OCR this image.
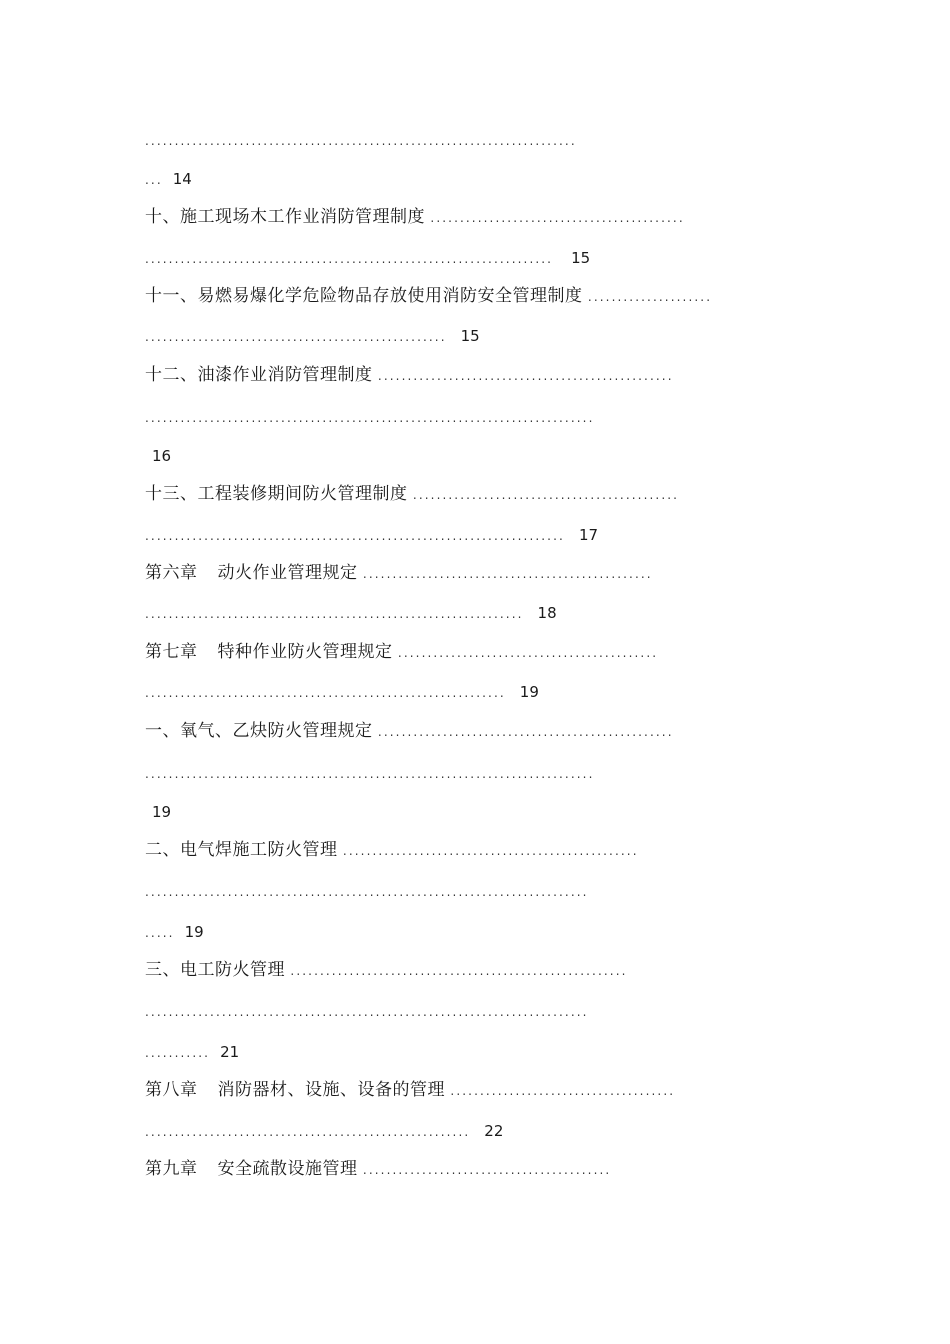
.........................................................................
... 14
十、施工现场木工作业消防管理制度 ...........................................
..................................................................... 15
十一、易燃易爆化学危险物品存放使用消防安全管理制度 .....................
................................................... 15
十二、油漆作业消防管理制度 ..................................................
............................................................................
16
十三、工程装修期间防火管理制度 .............................................
....................................................................... 17
第六章 动火作业管理规定 .................................................
................................................................ 18
第七章 特种作业防火管理规定 ............................................
............................................................. 19
一、氧气、乙炔防火管理规定 ..................................................
............................................................................
19
二、电气焊施工防火管理 ..................................................
...........................................................................
..... 19
三、电工防火管理 .........................................................
...........................................................................
........... 21
第八章 消防器材、设施、设备的管理 ......................................
....................................................... 22
第九章 安全疏散设施管理 ..........................................
